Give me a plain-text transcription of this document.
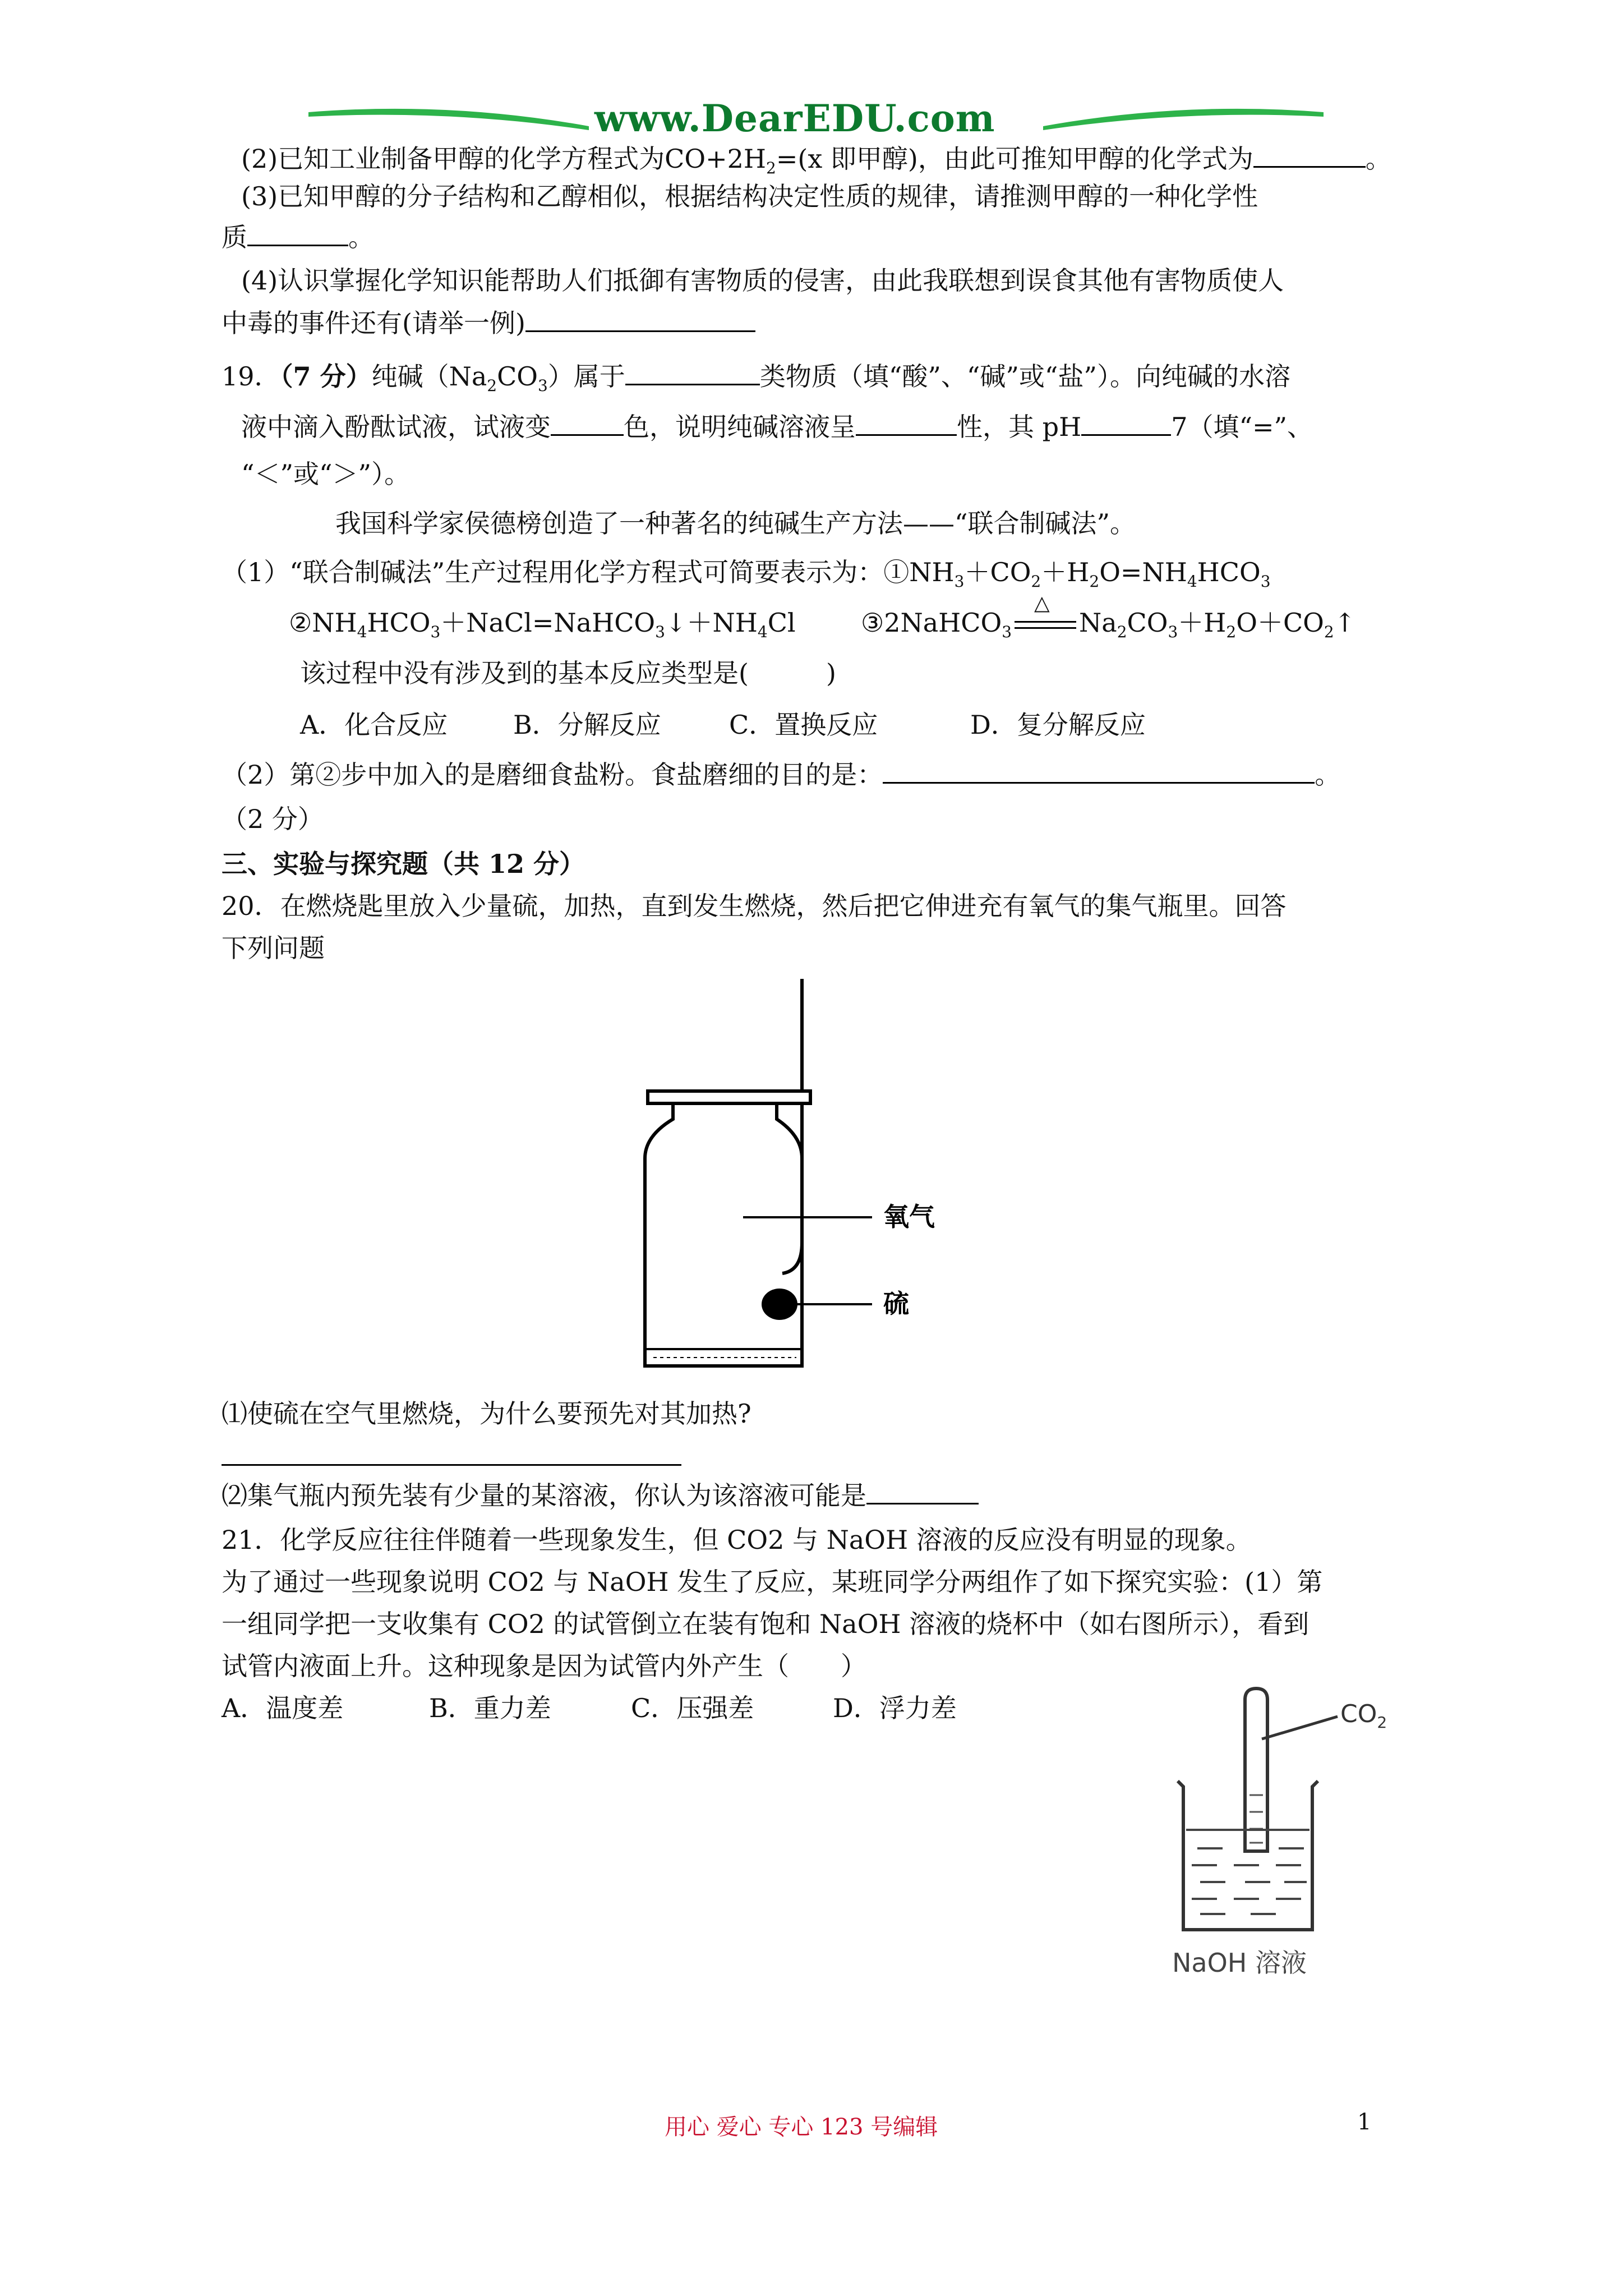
www.DearEDU.com
(2)已知工业制备甲醇的化学方程式为$CO+2H_2=(x$ 即甲醇)，由此可推知甲醇的化学式为	。
(3)已知甲醇的分子结构和乙醇相似，根据结构决定性质的规律，请推测甲醇的一种化学性
质	。
(4)认识掌握化学知识能帮助人们抵御有害物质的侵害，由此我联想到误食其他有害物质使人
中毒的事件还有(请举一例)
19．（7 分）纯碱$(Na_2CO_3)$属于	类物质（填“酸”、“碱”或“盐”）。向纯碱的水溶
液中滴入酚酞试液，试液变	色，说明纯碱溶液呈	性，其 pH	7（填“=”、
“＜”或“＞”）。
我国科学家侯德榜创造了一种著名的纯碱生产方法——“联合制碱法”。
（1）“联合制碱法”生产过程用化学方程式可简要表示为：$①NH_3+CO_2+H_2O=NH_4HCO_3$
$②NH_4HCO_3+NaCl=NaHCO_3↓+NH_4Cl$	③2NaHCO$_3$
△
$Na_2CO_3+H_2O+CO_2↑$
该过程中没有涉及到的基本反应类型是(　　　)
A．化合反应	B．分解反应	C．置换反应	D．复分解反应
（2）第②步中加入的是磨细食盐粉。食盐磨细的目的是：	。
（2 分）
三、实验与探究题（共 12 分）
20．在燃烧匙里放入少量硫，加热，直到发生燃烧，然后把它伸进充有氧气的集气瓶里。回答
下列问题
氧气
硫
⑴使硫在空气里燃烧，为什么要预先对其加热?
⑵集气瓶内预先装有少量的某溶液，你认为该溶液可能是
21．化学反应往往伴随着一些现象发生，但 CO2 与 NaOH 溶液的反应没有明显的现象。
为了通过一些现象说明 CO2 与 NaOH 发生了反应，某班同学分两组作了如下探究实验：(1）第
一组同学把一支收集有 CO2 的试管倒立在装有饱和 NaOH 溶液的烧杯中（如右图所示），看到
试管内液面上升。这种现象是因为试管内外产生（　　）
A．温度差	B．重力差	C．压强差	D．浮力差	$CO_2$
NaOH 溶液
用心 爱心 专心 123 号编辑	1
